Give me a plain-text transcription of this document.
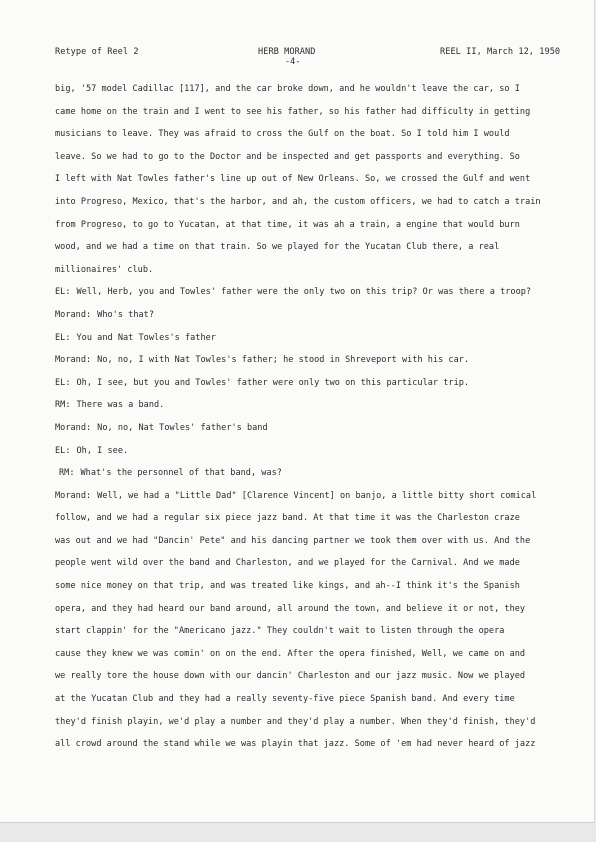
Retype of Reel 2	HERB MORAND	REEL II, March 12, 1950
-4-
big, '57 model Cadillac [117], and the car broke down, and he wouldn't leave the car, so I
came home on the train and I went to see his father, so his father had difficulty in getting
musicians to leave. They was afraid to cross the Gulf on the boat. So I told him I would
leave. So we had to go to the Doctor and be inspected and get passports and everything. So
I left with Nat Towles father's line up out of New Orleans. So, we crossed the Gulf and went
into Progreso, Mexico, that's the harbor, and ah, the custom officers, we had to catch a train
from Progreso, to go to Yucatan, at that time, it was ah a train, a engine that would burn
wood, and we had a time on that train. So we played for the Yucatan Club there, a real
millionaires' club.
EL: Well, Herb, you and Towles' father were the only two on this trip? Or was there a troop?
Morand: Who's that?
EL: You and Nat Towles's father
Morand: No, no, I with Nat Towles's father; he stood in Shreveport with his car.
EL: Oh, I see, but you and Towles' father were only two on this particular trip.
RM: There was a band.
Morand: No, no, Nat Towles' father's band
EL: Oh, I see.
RM: What's the personnel of that band, was?
Morand: Well, we had a "Little Dad" [Clarence Vincent] on banjo, a little bitty short comical
follow, and we had a regular six piece jazz band. At that time it was the Charleston craze
was out and we had "Dancin' Pete" and his dancing partner we took them over with us. And the
people went wild over the band and Charleston, and we played for the Carnival. And we made
some nice money on that trip, and was treated like kings, and ah--I think it's the Spanish
opera, and they had heard our band around, all around the town, and believe it or not, they
start clappin' for the "Americano jazz." They couldn't wait to listen through the opera
cause they knew we was comin' on on the end. After the opera finished, Well, we came on and
we really tore the house down with our dancin' Charleston and our jazz music. Now we played
at the Yucatan Club and they had a really seventy-five piece Spanish band. And every time
they'd finish playin, we'd play a number and they'd play a number. When they'd finish, they'd
all crowd around the stand while we was playin that jazz. Some of 'em had never heard of jazz
